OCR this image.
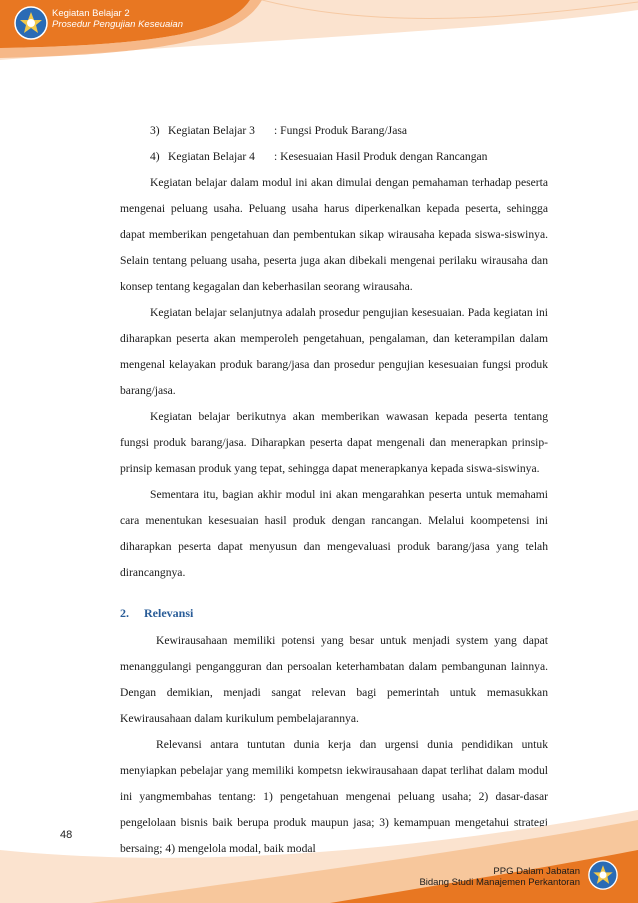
Kegiatan Belajar 2
Prosedur Pengujian Keseuaian
3) Kegiatan Belajar 3 : Fungsi Produk Barang/Jasa
4) Kegiatan Belajar 4 : Kesesuaian Hasil Produk dengan Rancangan

Kegiatan belajar dalam modul ini akan dimulai dengan pemahaman terhadap peserta mengenai peluang usaha. Peluang usaha harus diperkenalkan kepada peserta, sehingga dapat memberikan pengetahuan dan pembentukan sikap wirausaha kepada siswa-siswinya. Selain tentang peluang usaha, peserta juga akan dibekali mengenai perilaku wirausaha dan konsep tentang kegagalan dan keberhasilan seorang wirausaha.

Kegiatan belajar selanjutnya adalah prosedur pengujian kesesuaian. Pada kegiatan ini diharapkan peserta akan memperoleh pengetahuan, pengalaman, dan keterampilan dalam mengenal kelayakan produk barang/jasa dan prosedur pengujian kesesuaian fungsi produk barang/jasa.

Kegiatan belajar berikutnya akan memberikan wawasan kepada peserta tentang fungsi produk barang/jasa. Diharapkan peserta dapat mengenali dan menerapkan prinsip-prinsip kemasan produk yang tepat, sehingga dapat menerapkanya kepada siswa-siswinya.

Sementara itu, bagian akhir modul ini akan mengarahkan peserta untuk memahami cara menentukan kesesuaian hasil produk dengan rancangan. Melalui koompetensi ini diharapkan peserta dapat menyusun dan mengevaluasi produk barang/jasa yang telah dirancangnya.

2. Relevansi

Kewirausahaan memiliki potensi yang besar untuk menjadi system yang dapat menanggulangi pengangguran dan persoalan keterhambatan dalam pembangunan lainnya. Dengan demikian, menjadi sangat relevan bagi pemerintah untuk memasukkan Kewirausahaan dalam kurikulum pembelajarannya.

Relevansi antara tuntutan dunia kerja dan urgensi dunia pendidikan untuk menyiapkan pebelajar yang memiliki kompetsn iekwirausahaan dapat terlihat dalam modul ini yangmembahas tentang: 1) pengetahuan mengenai peluang usaha; 2) dasar-dasar pengelolaan bisnis baik berupa produk maupun jasa; 3) kemampuan mengetahui strategi bersaing; 4) mengelola modal, baik modal

48
PPG Dalam Jabatan
Bidang Studi Manajemen Perkantoran
